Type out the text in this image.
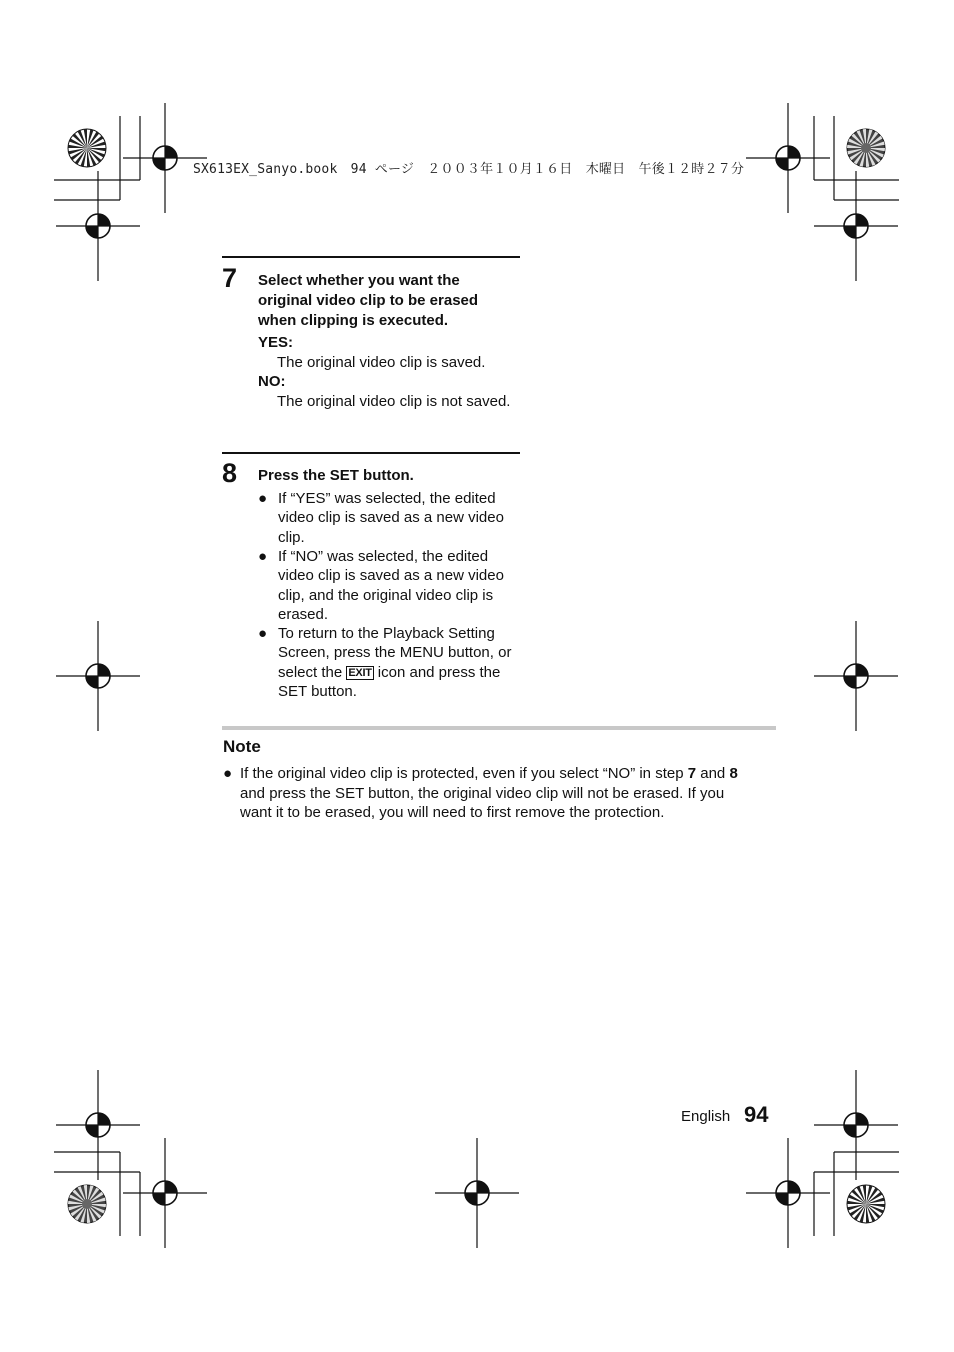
SX613EX_Sanyo.book　94 ページ　２００３年１０月１６日　木曜日　午後１２時２７分
7 Select whether you want the
original video clip to be erased
when clipping is executed.
YES:
The original video clip is saved.
NO:
The original video clip is not saved.
8 Press the SET button.
● If “YES” was selected, the edited
video clip is saved as a new video
clip.
● If “NO” was selected, the edited
video clip is saved as a new video
clip, and the original video clip is
erased.
● To return to the Playback Setting
Screen, press the MENU button, or
select the EXIT icon and press the
SET button.
Note
● If the original video clip is protected, even if you select “NO” in step 7 and 8
and press the SET button, the original video clip will not be erased. If you
want it to be erased, you will need to first remove the protection.
English 94
